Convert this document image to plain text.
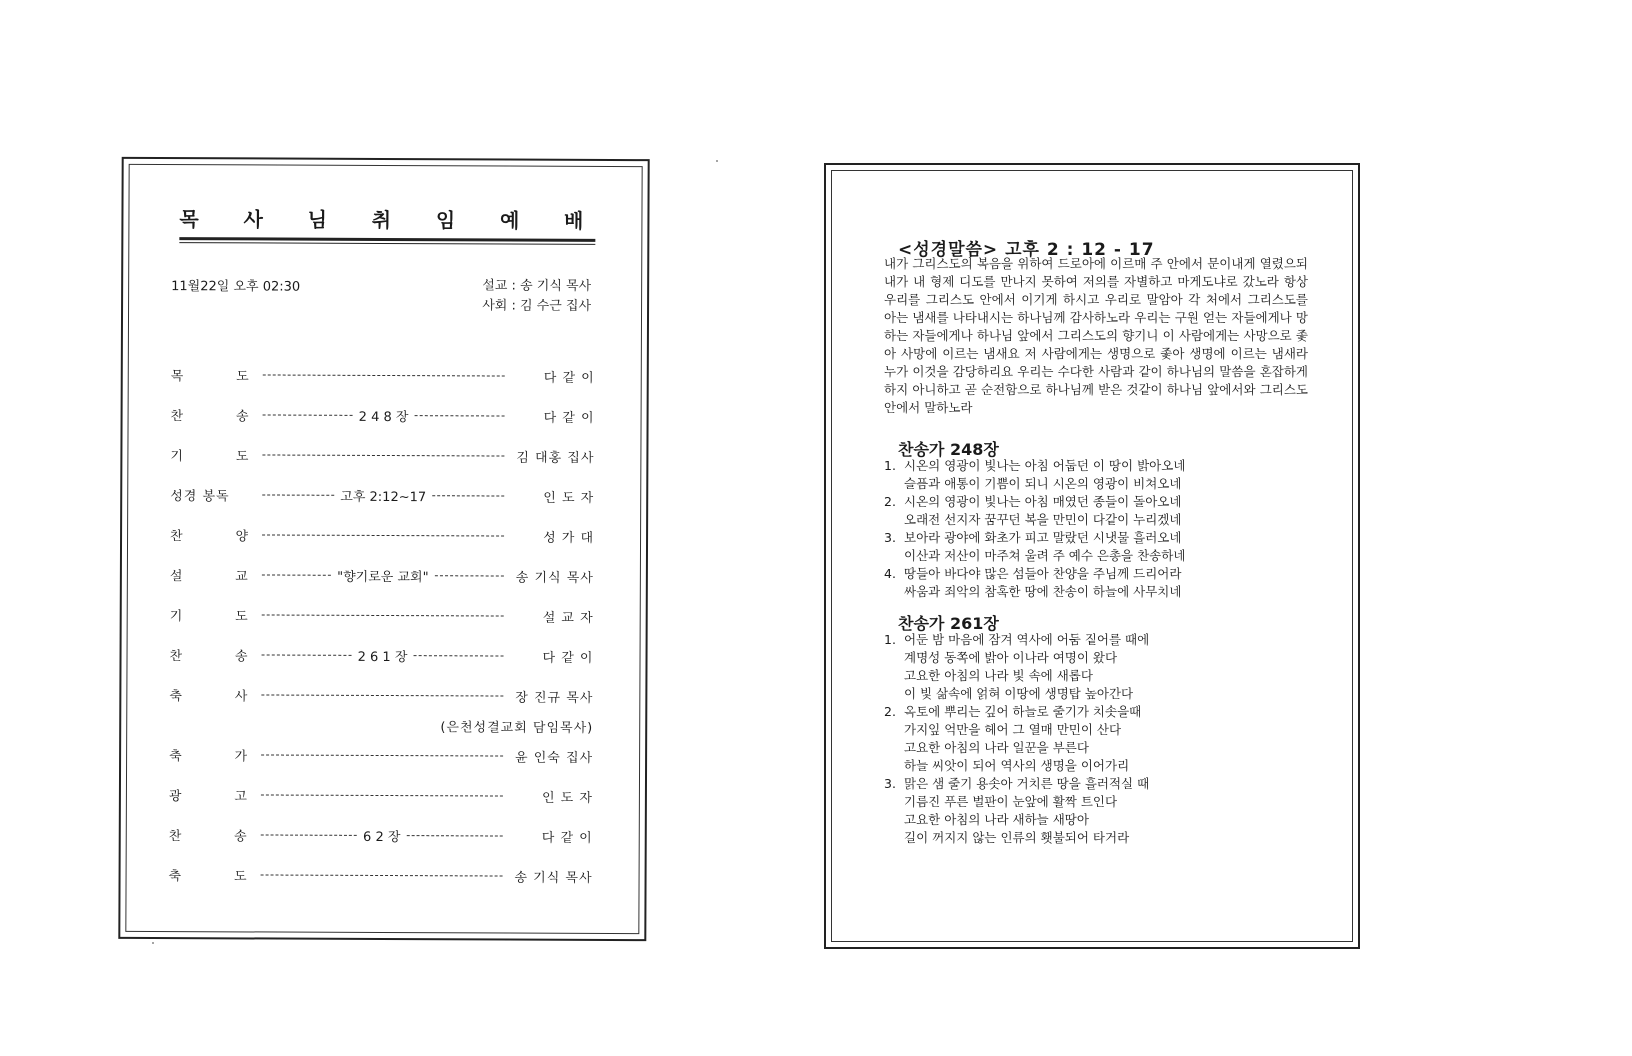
목 사 님 취 임 예 배
11월22일 오후 02:30	설교 : 송 기식 목사
사회 : 김 수근 집사
목	도	다 같 이
찬	송	2 4 8 장	다 같 이
기	도	김 대홍 집사
성경 봉독	고후 2:12~17	인 도 자
찬	양	성 가 대
설	교	"향기로운 교회"	송 기식 목사
기	도	설 교 자
찬	송	2 6 1 장	다 같 이
축	사	장 진규 목사
(은천성결교회 담임목사)
축	가	윤 인숙 집사
광	고	인 도 자
찬	송	6 2 장	다 같 이
축	도	송 기식 목사
<성경말씀> 고후 2 : 12 - 17
내가 그리스도의 복음을 위하여 드로아에 이르매 주 안에서 문이내게 열렸으되 내가 내 형제 디도를 만나지 못하여 저의를 자별하고 마게도냐로 갔노라 항상 우리를 그리스도 안에서 이기게 하시고 우리로 말암아 각 처에서 그리스도를 아는 냄새를 나타내시는 하나님께 감사하노라 우리는 구원 얻는 자들에게나 망하는 자들에게나 하나님 앞에서 그리스도의 향기니 이 사람에게는 사망으로 좇아 사망에 이르는 냄새요 저 사람에게는 생명으로 좇아 생명에 이르는 냄새라 누가 이것을 감당하리요 우리는 수다한 사람과 같이 하나님의 말씀을 혼잡하게 하지 아니하고 곧 순전함으로 하나님께 받은 것같이 하나님 앞에서와 그리스도 안에서 말하노라
찬송가 248장
1. 시온의 영광이 빛나는 아침 어둡던 이 땅이 밝아오네
슬픔과 애통이 기쁨이 되니 시온의 영광이 비쳐오네
2. 시온의 영광이 빛나는 아침 매였던 종들이 돌아오네
오래전 선지자 꿈꾸던 복을 만민이 다같이 누리겠네
3. 보아라 광야에 화초가 피고 말랐던 시냇물 흘러오네
이산과 저산이 마주쳐 울려 주 예수 은총을 찬송하네
4. 땅들아 바다야 많은 섬들아 찬양을 주님께 드리어라
싸움과 죄악의 참혹한 땅에 찬송이 하늘에 사무치네
찬송가 261장
1. 어둔 밤 마음에 잠겨 역사에 어둠 짙어를 때에
계명성 동쪽에 밝아 이나라 여명이 왔다
고요한 아침의 나라 빛 속에 새롭다
이 빛 삶속에 얽혀 이땅에 생명탑 높아간다
2. 옥토에 뿌리는 깊어 하늘로 줄기가 치솟을때
가지잎 억만을 헤어 그 열매 만민이 산다
고요한 아침의 나라 일꾼을 부른다
하늘 씨앗이 되어 역사의 생명을 이어가리
3. 맑은 샘 줄기 용솟아 거치른 땅을 흘러적실 때
기름진 푸른 벌판이 눈앞에 활짝 트인다
고요한 아침의 나라 새하늘 새땅아
길이 꺼지지 않는 인류의 횃불되어 타거라
